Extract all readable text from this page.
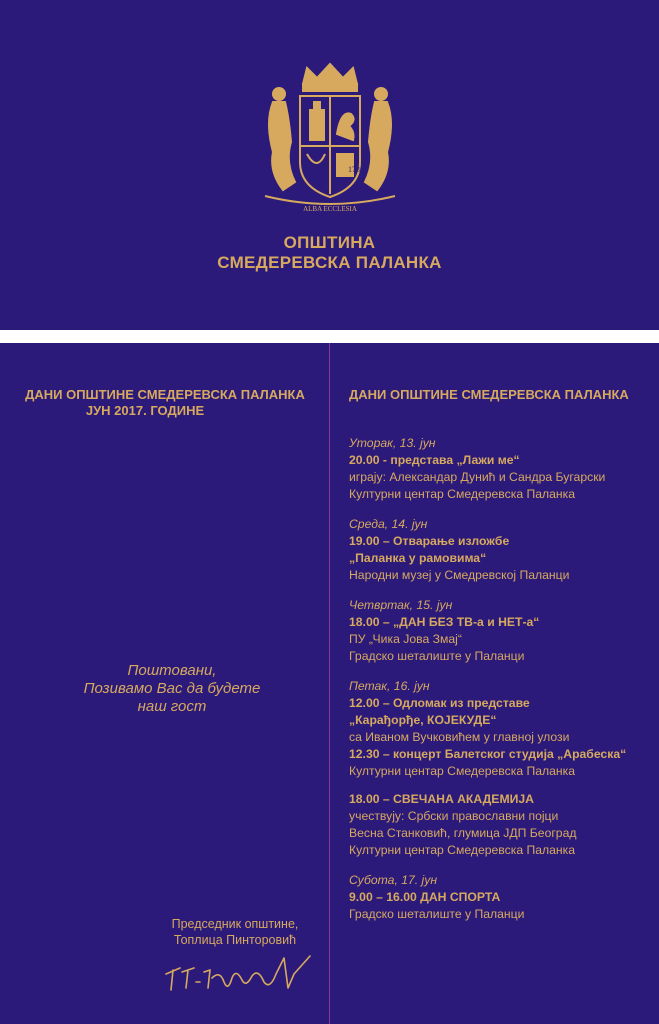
1730
ALBA ECCLESIA
ОПШТИНА
СМЕДЕРЕВСКА ПАЛАНКА
ДАНИ ОПШТИНЕ СМЕДЕРЕВСКА ПАЛАНКА
ЈУН 2017. ГОДИНЕ
Поштовани,
Позивамо Вас да будете
наш гост
Председник општине,
Топлица Пинторовић
ДАНИ ОПШТИНЕ СМЕДЕРЕВСКА ПАЛАНКА
Уторак, 13. јун
20.00 - представа „Лажи ме“
играју: Александар Дунић и Сандра Бугарски
Културни центар Смедеревска Паланка
Среда, 14. јун
19.00 – Отварање изложбе
„Паланка у рамовима“
Народни музеј у Смедревској Паланци
Четвртак, 15. јун
18.00 – „ДАН БЕЗ ТВ-а и НЕТ-а“
ПУ „Чика Јова Змај“
Градско шеталиште у Паланци
Петак, 16. јун
12.00 – Одломак из представе
„Карађорђе, КОЈЕКУДЕ“
са Иваном Вучковићем у главној улози
12.30 – концерт Балетског студија „Арабеска“
Културни центар Смедеревска Паланка
18.00 – СВЕЧАНА АКАДЕМИЈА
учествују: Србски православни појци
Весна Станковић, глумица ЈДП Београд
Културни центар Смедеревска Паланка
Субота, 17. јун
9.00 – 16.00 ДАН СПОРТА
Градско шеталиште у Паланци
